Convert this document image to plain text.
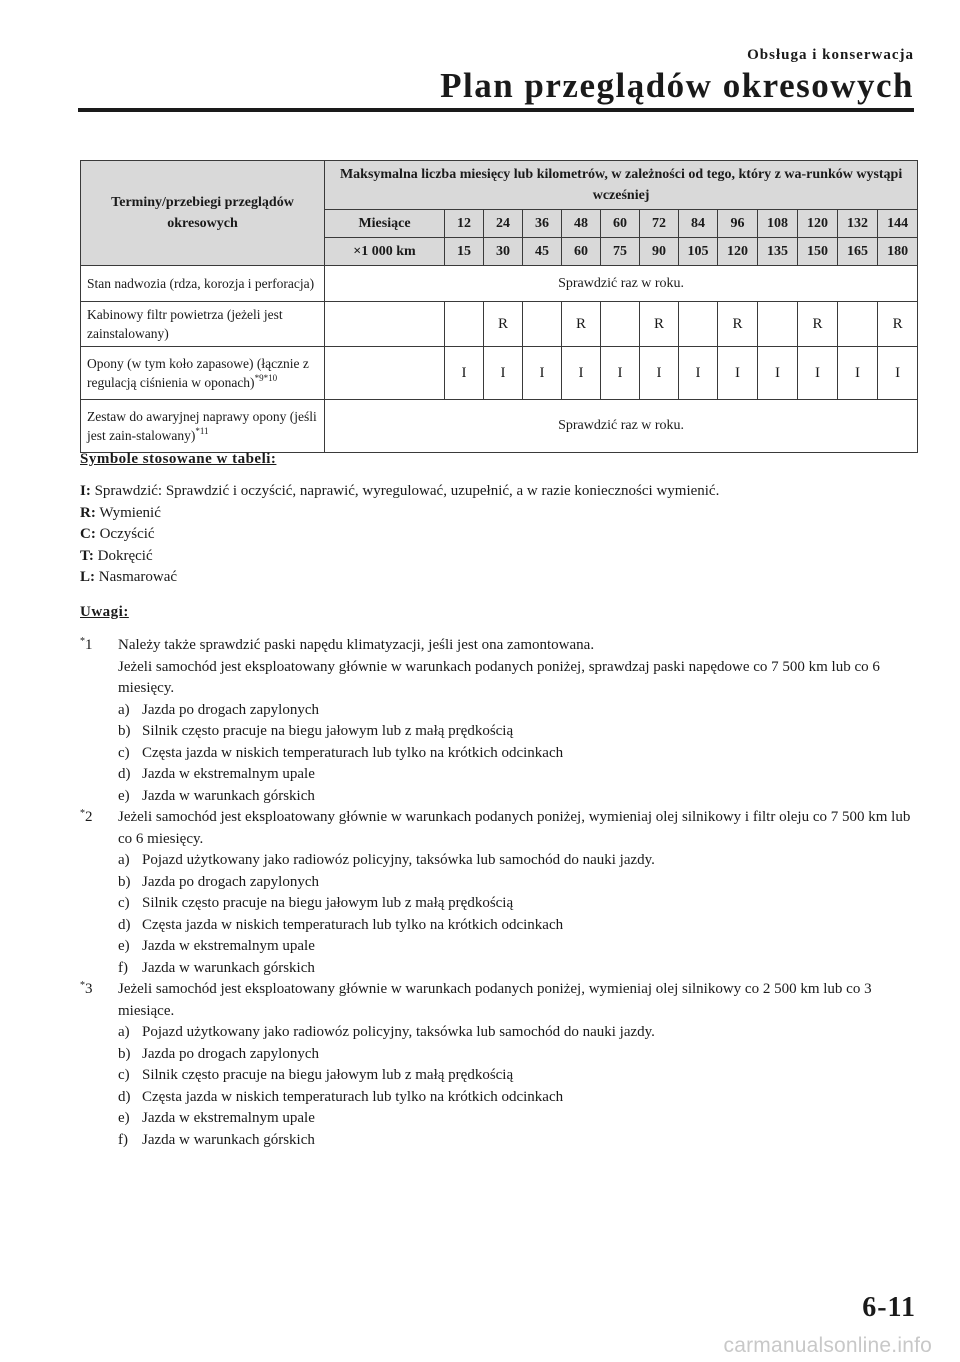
Obsługa i konserwacja
Plan przeglądów okresowych
Terminy/przebiegi przeglądów okresowych	Maksymalna liczba miesięcy lub kilometrów, w zależności od tego, który z wa-runków wystąpi wcześniej												
	Miesiące	12	24	36	48	60	72	84	96	108	120	132	144
	×1 000 km	15	30	45	60	75	90	105	120	135	150	165	180
Stan nadwozia (rdza, korozja i perforacja)	Sprawdzić raz w roku.												
Kabinowy filtr powietrza (jeżeli jest zainstalowany)			R		R		R		R		R		R
Opony (w tym koło zapasowe) (łącznie z regulacją ciśnienia w oponach)$^{*9*10}$		I	I	I	I	I	I	I	I	I	I	I	I
Zestaw do awaryjnej naprawy opony (jeśli jest zain-stalowany)$^{*11}$	Sprawdzić raz w roku.												
Symbole stosowane w tabeli:
I: Sprawdzić: Sprawdzić i oczyścić, naprawić, wyregulować, uzupełnić, a w razie konieczności wymienić.
R: Wymienić
C: Oczyścić
T: Dokręcić
L: Nasmarować
Uwagi:
*1 Należy także sprawdzić paski napędu klimatyzacji, jeśli jest ona zamontowana.
Jeżeli samochód jest eksploatowany głównie w warunkach podanych poniżej, sprawdzaj paski napędowe co 7 500 km lub co 6 miesięcy.
a) Jazda po drogach zapylonych
b) Silnik często pracuje na biegu jałowym lub z małą prędkością
c) Częsta jazda w niskich temperaturach lub tylko na krótkich odcinkach
d) Jazda w ekstremalnym upale
e) Jazda w warunkach górskich
*2 Jeżeli samochód jest eksploatowany głównie w warunkach podanych poniżej, wymieniaj olej silnikowy i filtr oleju co 7 500 km lub co 6 miesięcy.
a) Pojazd użytkowany jako radiowóz policyjny, taksówka lub samochód do nauki jazdy.
b) Jazda po drogach zapylonych
c) Silnik często pracuje na biegu jałowym lub z małą prędkością
d) Częsta jazda w niskich temperaturach lub tylko na krótkich odcinkach
e) Jazda w ekstremalnym upale
f) Jazda w warunkach górskich
*3 Jeżeli samochód jest eksploatowany głównie w warunkach podanych poniżej, wymieniaj olej silnikowy co 2 500 km lub co 3 miesiące.
a) Pojazd użytkowany jako radiowóz policyjny, taksówka lub samochód do nauki jazdy.
b) Jazda po drogach zapylonych
c) Silnik często pracuje na biegu jałowym lub z małą prędkością
d) Częsta jazda w niskich temperaturach lub tylko na krótkich odcinkach
e) Jazda w ekstremalnym upale
f) Jazda w warunkach górskich
6-11
carmanualsonline.info
